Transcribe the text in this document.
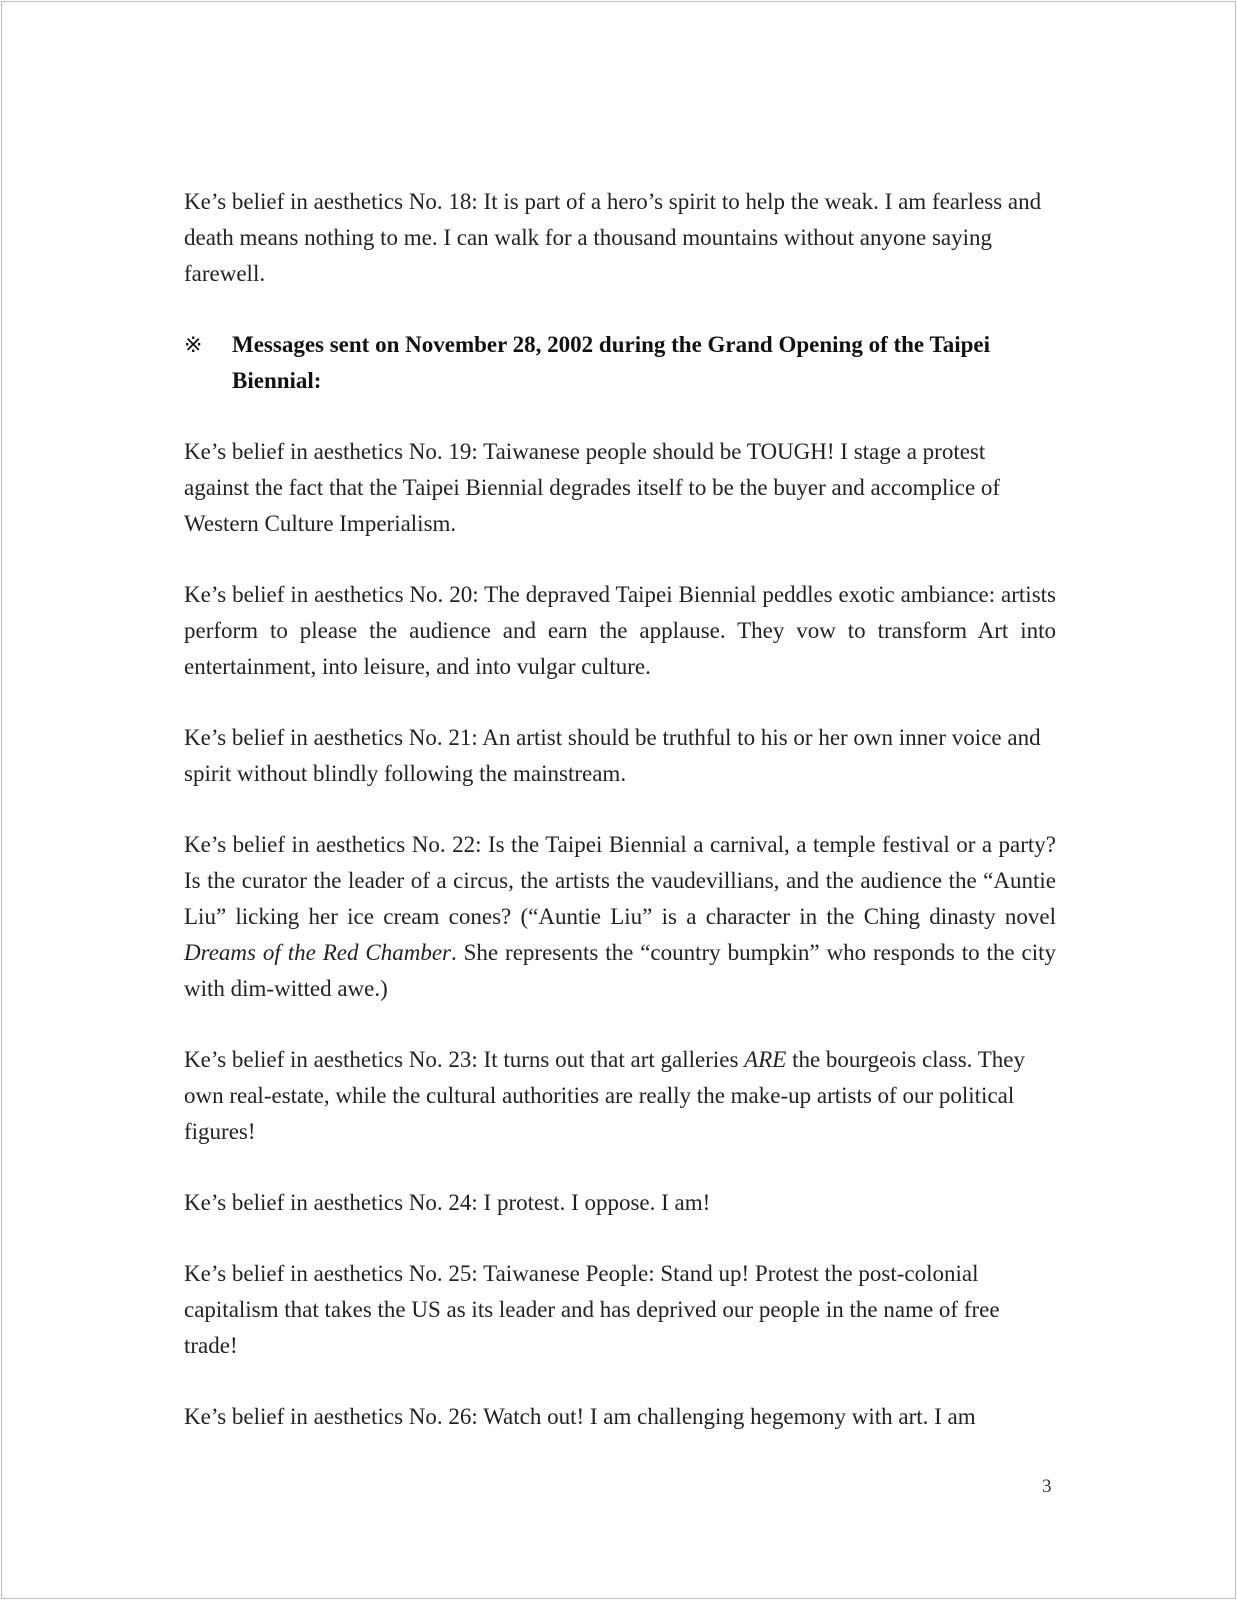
Ke’s belief in aesthetics No. 18: It is part of a hero’s spirit to help the weak. I am fearless and death means nothing to me. I can walk for a thousand mountains without anyone saying farewell.

※	Messages sent on November 28, 2002 during the Grand Opening of the Taipei Biennial:

Ke’s belief in aesthetics No. 19: Taiwanese people should be TOUGH! I stage a protest against the fact that the Taipei Biennial degrades itself to be the buyer and accomplice of Western Culture Imperialism.

Ke’s belief in aesthetics No. 20: The depraved Taipei Biennial peddles exotic ambiance: artists perform to please the audience and earn the applause. They vow to transform Art into entertainment, into leisure, and into vulgar culture.

Ke’s belief in aesthetics No. 21: An artist should be truthful to his or her own inner voice and spirit without blindly following the mainstream.

Ke’s belief in aesthetics No. 22: Is the Taipei Biennial a carnival, a temple festival or a party? Is the curator the leader of a circus, the artists the vaudevillians, and the audience the “Auntie Liu” licking her ice cream cones? (“Auntie Liu” is a character in the Ching dinasty novel Dreams of the Red Chamber. She represents the “country bumpkin” who responds to the city with dim-witted awe.)

Ke’s belief in aesthetics No. 23: It turns out that art galleries ARE the bourgeois class. They own real-estate, while the cultural authorities are really the make-up artists of our political figures!

Ke’s belief in aesthetics No. 24: I protest. I oppose. I am!

Ke’s belief in aesthetics No. 25: Taiwanese People: Stand up! Protest the post-colonial capitalism that takes the US as its leader and has deprived our people in the name of free trade!

Ke’s belief in aesthetics No. 26: Watch out! I am challenging hegemony with art. I am

3
